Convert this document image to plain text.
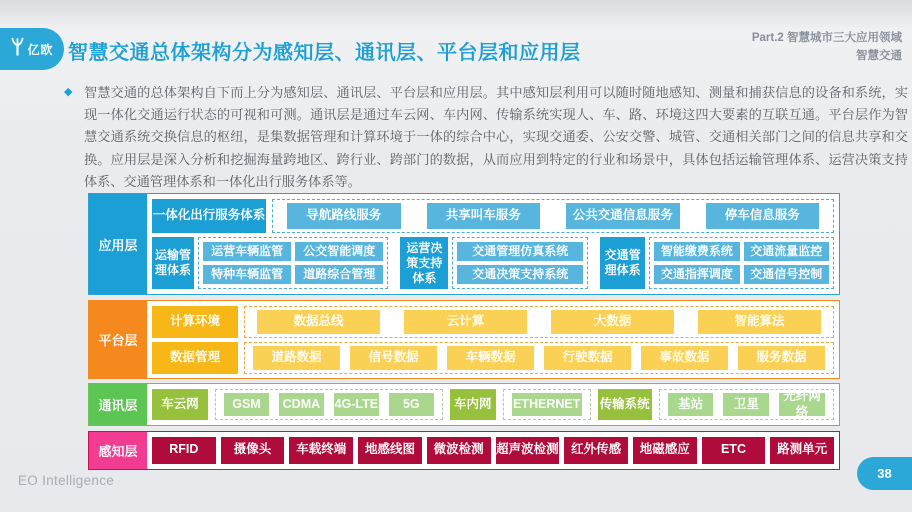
亿欧 智慧交通总体架构分为感知层、通讯层、平台层和应用层
Part.2 智慧城市三大应用领域
智慧交通
◆ 智慧交通的总体架构自下而上分为感知层、通讯层、平台层和应用层。其中感知层利用可以随时随地感知、测量和捕获信息的设备和系统，实现一体化交通运行状态的可视和可测。通讯层是通过车云网、车内网、传输系统实现人、车、路、环境这四大要素的互联互通。平台层作为智慧交通系统交换信息的枢纽，是集数据管理和计算环境于一体的综合中心，实现交通委、公安交警、城管、交通相关部门之间的信息共享和交换。应用层是深入分析和挖掘海量跨地区、跨行业、跨部门的数据，从而应用到特定的行业和场景中，具体包括运输管理体系、运营决策支持体系、交通管理体系和一体化出行服务体系等。
应用层
一体化出行服务体系	导航路线服务	共享叫车服务	公共交通信息服务	停车信息服务
运输管理体系
运营车辆监管	公交智能调度
特种车辆监管	道路综合管理
运营决策支持体系
交通管理仿真系统
交通决策支持系统
交通管理体系
智能缴费系统	交通流量监控
交通指挥调度	交通信号控制
平台层
计算环境	数据总线	云计算	大数据	智能算法
数据管理	道路数据	信号数据	车辆数据	行驶数据	事故数据	服务数据
通讯层	车云网	GSM	CDMA 4G-LTE	5G	车内网	ETHERNET 传输系统	基站	卫星
光纤网络
感知层	RFID	摄像头	车载终端	地感线图	微波检测 超声波检测 红外传感	地磁感应	ETC	路测单元
EO Intelligence	38
